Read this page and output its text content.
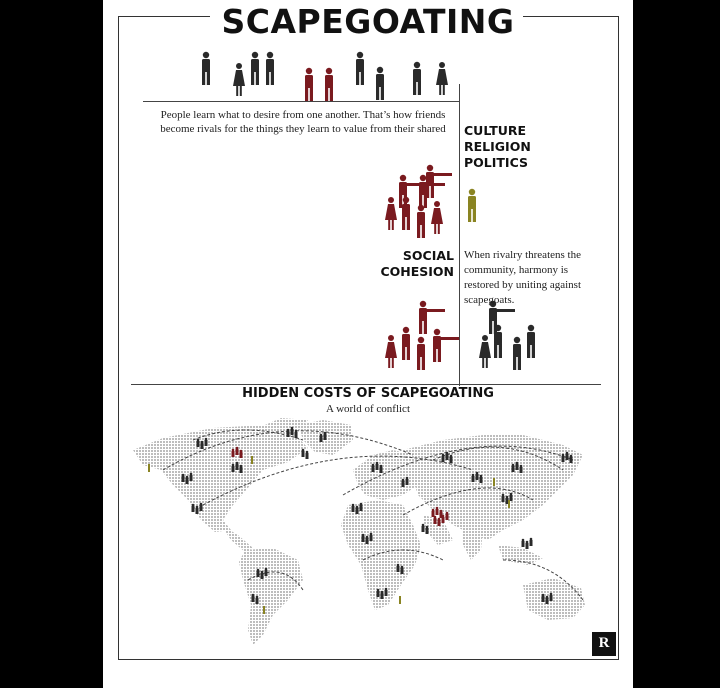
SCAPEGOATING
People learn what to desire from one another. That’s how friends become rivals for the things they learn to value from their shared	CULTURE
RELIGION
POLITICS
SOCIAL
COHESION
When rivalry threatens the community, harmony is restored by uniting against scapegoats.
HIDDEN COSTS OF SCAPEGOATING
A world of conflict
R
